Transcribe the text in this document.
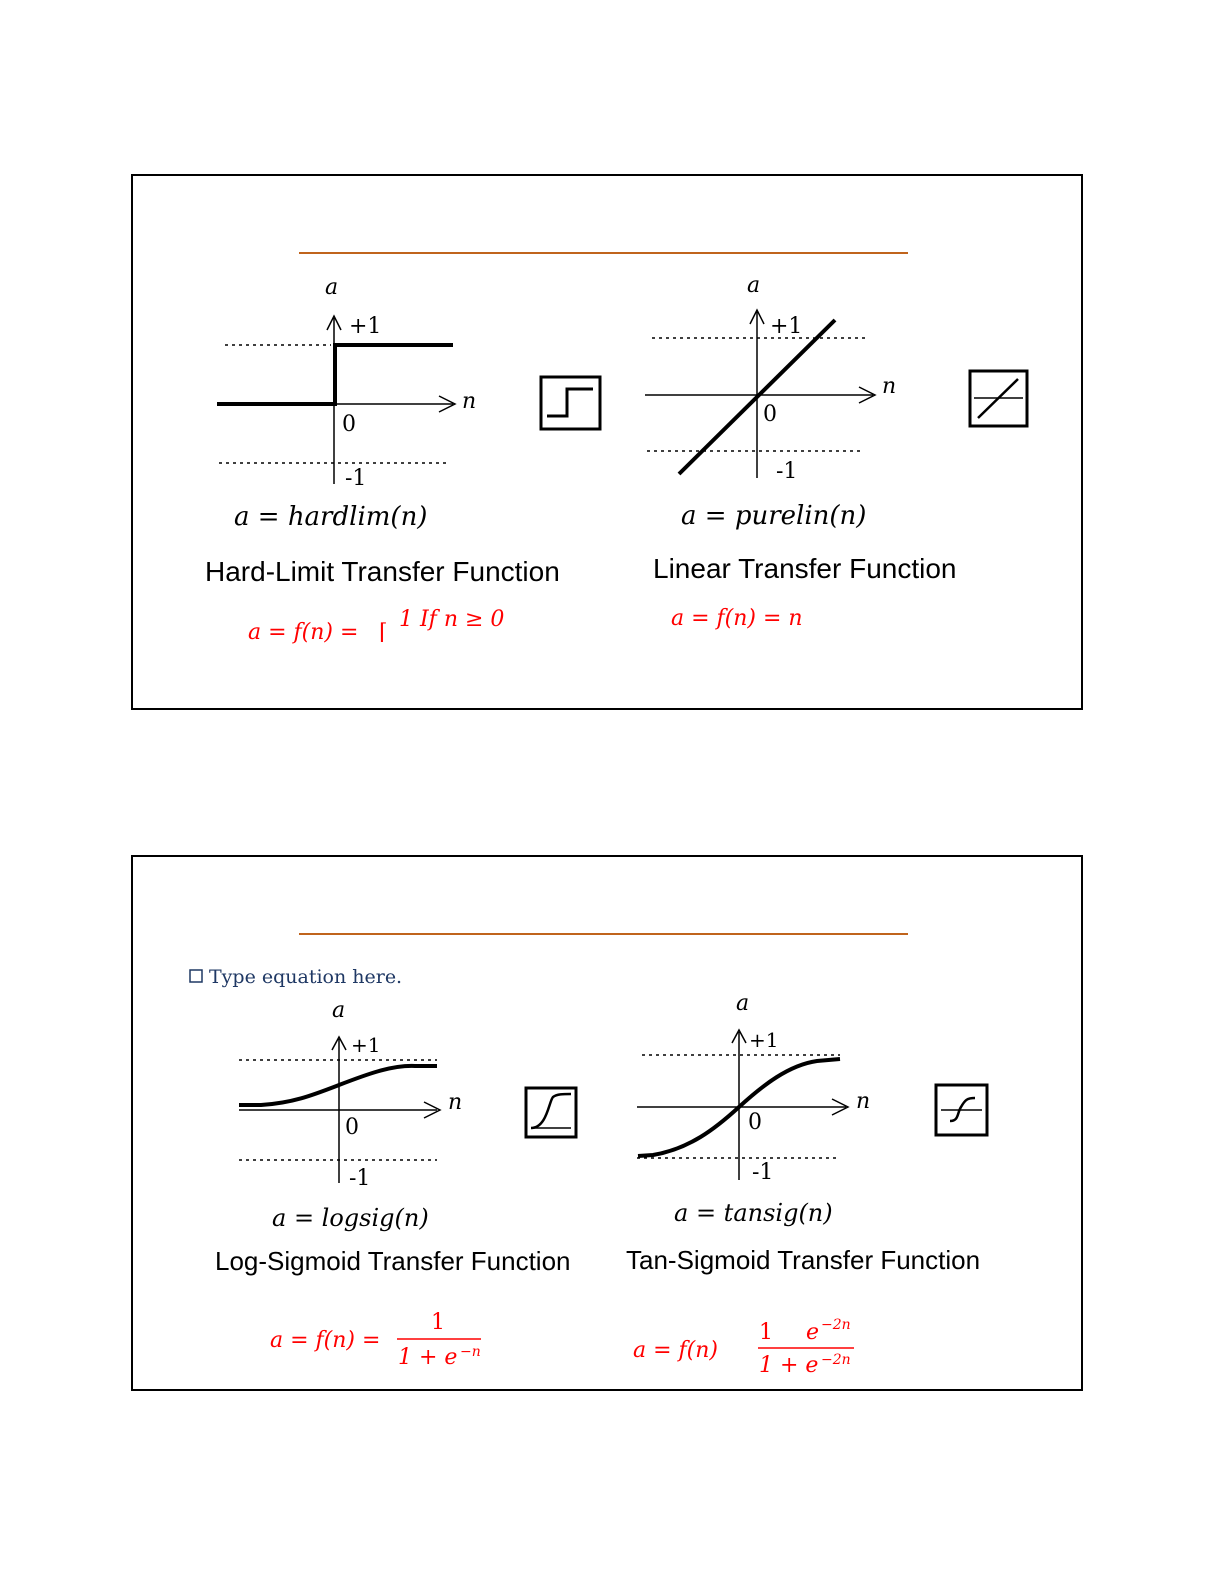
a
+1
n
0
-1
a = hardlim(n)
Hard-Limit Transfer Function
a
+1
n
0
-1
a = purelin(n)
Linear Transfer Function
a = f(n) = ⌈
1 If n ≥ 0	a = f(n) = n
Type equation here.
a
+1
n
0
-1
a = logsig(n)
Log-Sigmoid Transfer Function
a
+1
n
0
-1
a = tansig(n)
Tan-Sigmoid Transfer Function
a = f(n) =
1
1 + e −n	a = f(n)
1 e −2n
1 + e −2n
